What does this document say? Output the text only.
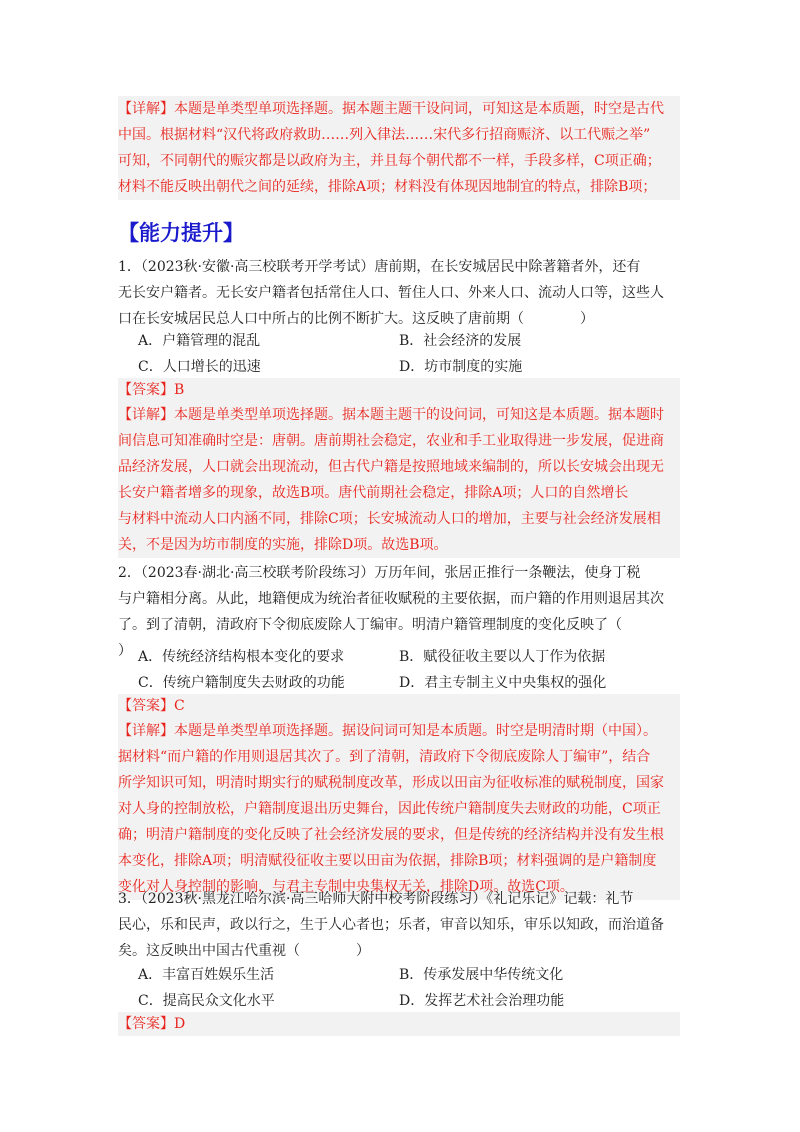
【详解】本题是单类型单项选择题。据本题主题干设问词，可知这是本质题，时空是古代
中国。根据材料“汉代将政府救助……列入律法……宋代多行招商赈济、以工代赈之举”
可知，不同朝代的赈灾都是以政府为主，并且每个朝代都不一样，手段多样，C项正确；
材料不能反映出朝代之间的延续，排除A项；材料没有体现因地制宜的特点，排除B项；
【能力提升】
1．（2023秋·安徽·高三校联考开学考试）唐前期，在长安城居民中除著籍者外，还有
无长安户籍者。无长安户籍者包括常住人口、暂住人口、外来人口、流动人口等，这些人
口在长安城居民总人口中所占的比例不断扩大。这反映了唐前期（　　　　）
A．户籍管理的混乱	B．社会经济的发展
C．人口增长的迅速	D．坊市制度的实施
【答案】B
【详解】本题是单类型单项选择题。据本题主题干的设问词，可知这是本质题。据本题时
间信息可知准确时空是：唐朝。唐前期社会稳定，农业和手工业取得进一步发展，促进商
品经济发展，人口就会出现流动，但古代户籍是按照地域来编制的，所以长安城会出现无
长安户籍者增多的现象，故选B项。唐代前期社会稳定，排除A项；人口的自然增长
与材料中流动人口内涵不同，排除C项；长安城流动人口的增加，主要与社会经济发展相
关，不是因为坊市制度的实施，排除D项。故选B项。
2．（2023春·湖北·高三校联考阶段练习）万历年间，张居正推行一条鞭法，使身丁税
与户籍相分离。从此，地籍便成为统治者征收赋税的主要依据，而户籍的作用则退居其次
了。到了清朝，清政府下令彻底废除人丁编审。明清户籍管理制度的变化反映了（
） A．传统经济结构根本变化的要求	B．赋役征收主要以人丁作为依据
C．传统户籍制度失去财政的功能	D．君主专制主义中央集权的强化
【答案】C
【详解】本题是单类型单项选择题。据设问词可知是本质题。时空是明清时期（中国）。
据材料“而户籍的作用则退居其次了。到了清朝，清政府下令彻底废除人丁编审”，结合
所学知识可知，明清时期实行的赋税制度改革，形成以田亩为征收标准的赋税制度，国家
对人身的控制放松，户籍制度退出历史舞台，因此传统户籍制度失去财政的功能，C项正
确；明清户籍制度的变化反映了社会经济发展的要求，但是传统的经济结构并没有发生根
本变化，排除A项；明清赋役征收主要以田亩为依据，排除B项；材料强调的是户籍制度
变化对人身控制的影响，与君主专制中央集权无关，排除D项。故选C项。
3．（2023秋·黑龙江哈尔滨·高三哈师大附中校考阶段练习）《礼记乐记》记载：礼节
民心，乐和民声，政以行之，生于人心者也；乐者，审音以知乐，审乐以知政，而治道备
矣。这反映出中国古代重视（　　　　）
A．丰富百姓娱乐生活	B．传承发展中华传统文化
C．提高民众文化水平	D．发挥艺术社会治理功能
【答案】D
